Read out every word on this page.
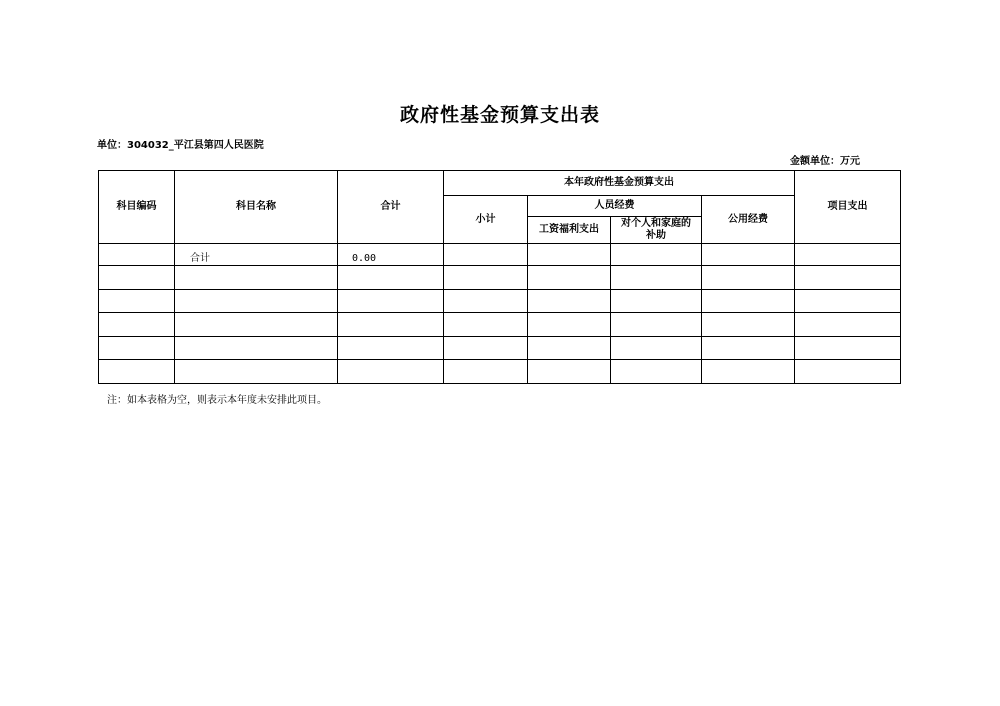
政府性基金预算支出表
单位：304032_平江县第四人民医院
金额单位：万元
科目编码	科目名称	合计	本年政府性基金预算支出				项目支出
			小计	人员经费		公用经费	
				工资福利支出	对个人和家庭的补助		
	合计	0.00					

注：如本表格为空，则表示本年度未安排此项目。
